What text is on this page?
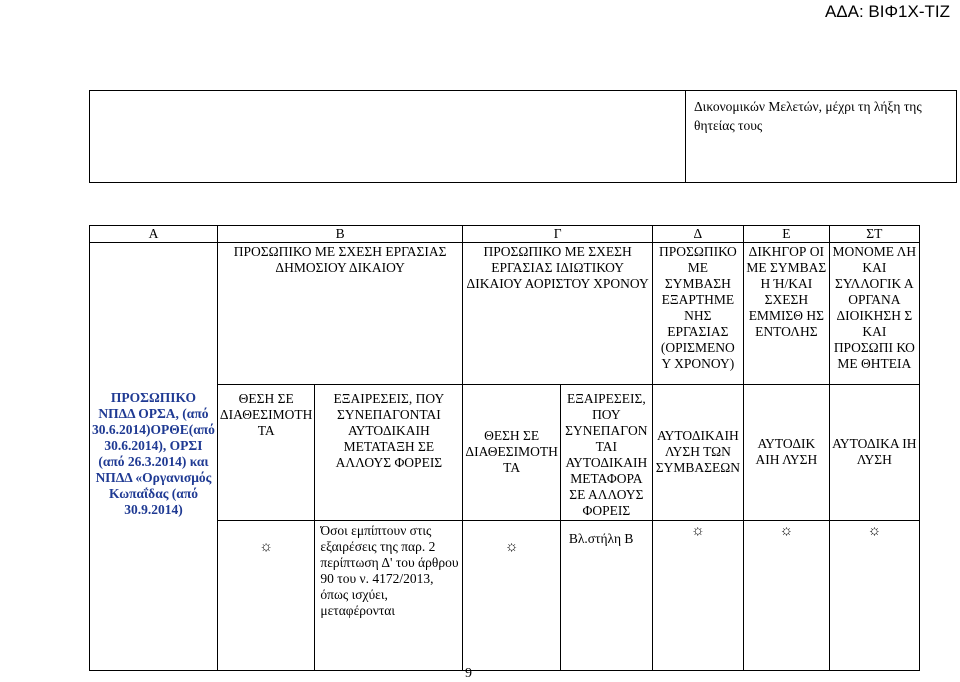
ΑΔΑ: ΒΙΦ1Χ-ΤΙΖ
	Δικονομικών Μελετών, μέχρι τη λήξη της θητείας τους
Α	Β		Γ		Δ	Ε	ΣΤ
	ΠΡΟΣΩΠΙΚΟ ΜΕ ΣΧΕΣΗ ΕΡΓΑΣΙΑΣ ΔΗΜΟΣΙΟΥ ΔΙΚΑΙΟΥ		ΠΡΟΣΩΠΙΚΟ ΜΕ ΣΧΕΣΗ ΕΡΓΑΣΙΑΣ ΙΔΙΩΤΙΚΟΥ ΔΙΚΑΙΟΥ ΑΟΡΙΣΤΟΥ ΧΡΟΝΟΥ		ΠΡΟΣΩΠΙΚΟ ΜΕ ΣΥΜΒΑΣΗ ΕΞΑΡΤΗΜΕ ΝΗΣ ΕΡΓΑΣΙΑΣ (ΟΡΙΣΜΕΝΟ Υ ΧΡΟΝΟΥ)	ΔΙΚΗΓΟΡ ΟΙ ΜΕ ΣΥΜΒΑΣ Η Ή/ΚΑΙ ΣΧΕΣΗ ΕΜΜΙΣΘ ΗΣ ΕΝΤΟΛΗΣ	ΜΟΝΟΜΕ ΛΗ ΚΑΙ ΣΥΛΛΟΓΙΚ Α ΟΡΓΑΝΑ ΔΙΟΙΚΗΣΗ Σ ΚΑΙ ΠΡΟΣΩΠΙ ΚΟ ΜΕ ΘΗΤΕΙΑ
ΠΡΟΣΩΠΙΚΟ ΝΠΔΔ ΟΡΣΑ, (από 30.6.2014)ΟΡΘΕ(από 30.6.2014), ΟΡΣΙ (από 26.3.2014) και ΝΠΔΔ «Οργανισμός Κωπαΐδας (από 30.9.2014)	ΘΕΣΗ ΣΕ ΔΙΑΘΕΣΙΜΟΤΗ ΤΑ	ΕΞΑΙΡΕΣΕΙΣ, ΠΟΥ ΣΥΝΕΠΑΓΟΝΤΑΙ ΑΥΤΟΔΙΚΑΙΗ ΜΕΤΑΤΑΞΗ ΣΕ ΑΛΛΟΥΣ ΦΟΡΕΙΣ	ΘΕΣΗ ΣΕ ΔΙΑΘΕΣΙΜΟΤΗ ΤΑ	ΕΞΑΙΡΕΣΕΙΣ, ΠΟΥ ΣΥΝΕΠΑΓΟΝ ΤΑΙ ΑΥΤΟΔΙΚΑΙΗ ΜΕΤΑΦΟΡΑ ΣΕ ΑΛΛΟΥΣ ΦΟΡΕΙΣ	ΑΥΤΟΔΙΚΑΙΗ ΛΥΣΗ ΤΩΝ ΣΥΜΒΑΣΕΩΝ	ΑΥΤΟΔΙΚ ΑΙΗ ΛΥΣΗ	ΑΥΤΟΔΙΚΑ ΙΗ ΛΥΣΗ
	☼	Όσοι εμπίπτουν στις εξαιρέσεις της παρ. 2 περίπτωση Δ' του άρθρου 90 του ν. 4172/2013, όπως ισχύει, μεταφέρονται	☼	Βλ.στήλη Β	☼	☼	☼
9
